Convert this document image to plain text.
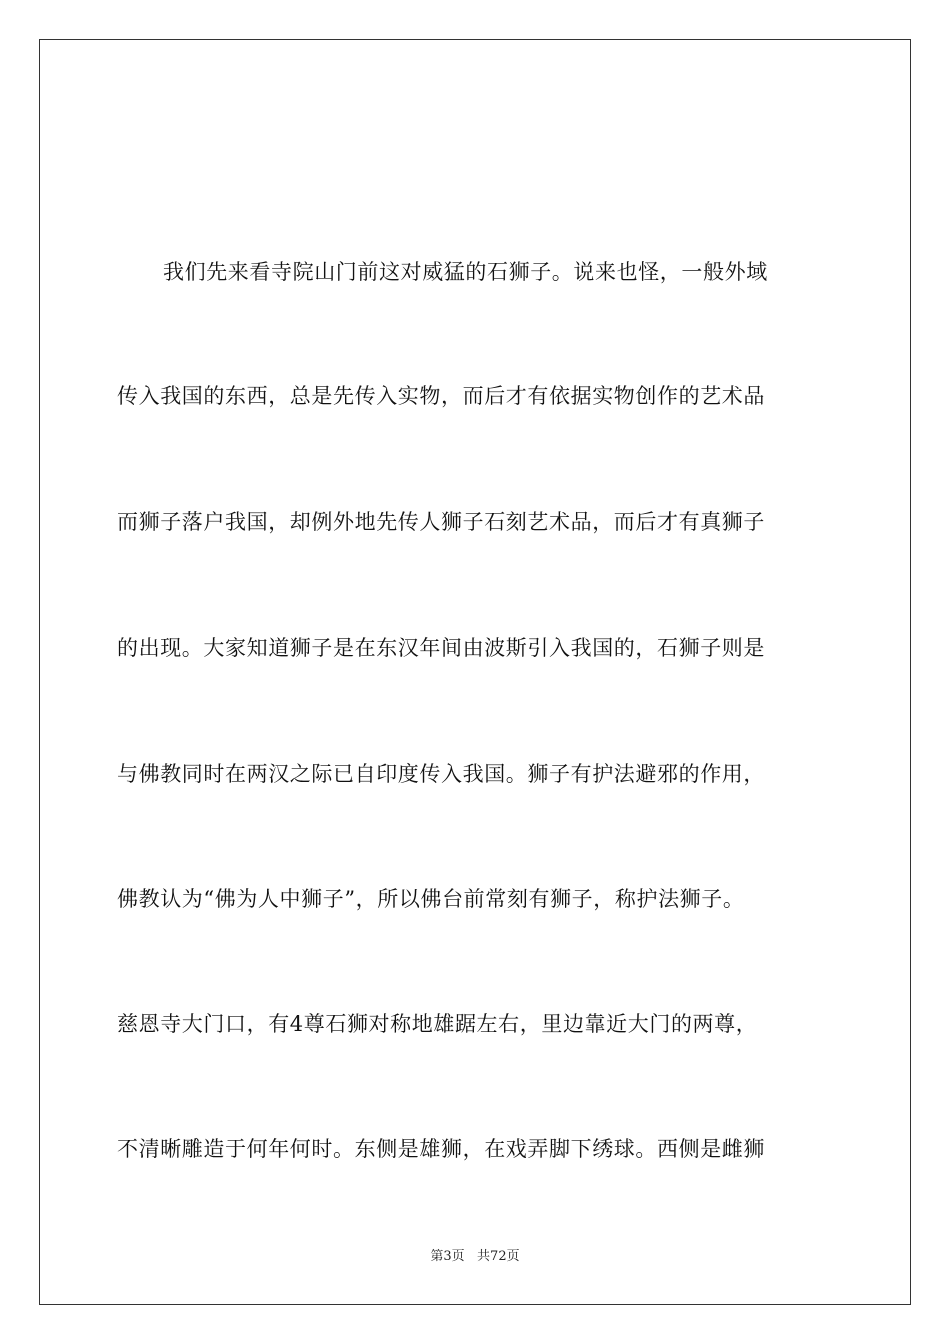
我们先来看寺院山门前这对威猛的石狮子。说来也怪，一般外域
传入我国的东西，总是先传入实物，而后才有依据实物创作的艺术品
而狮子落户我国，却例外地先传人狮子石刻艺术品，而后才有真狮子
的出现。大家知道狮子是在东汉年间由波斯引入我国的，石狮子则是
与佛教同时在两汉之际已自印度传入我国。狮子有护法避邪的作用，
佛教认为“佛为人中狮子”，所以佛台前常刻有狮子，称护法狮子。
慈恩寺大门口，有4尊石狮对称地雄踞左右，里边靠近大门的两尊，
不清晰雕造于何年何时。东侧是雄狮，在戏弄脚下绣球。西侧是雌狮
第3页   共72页
